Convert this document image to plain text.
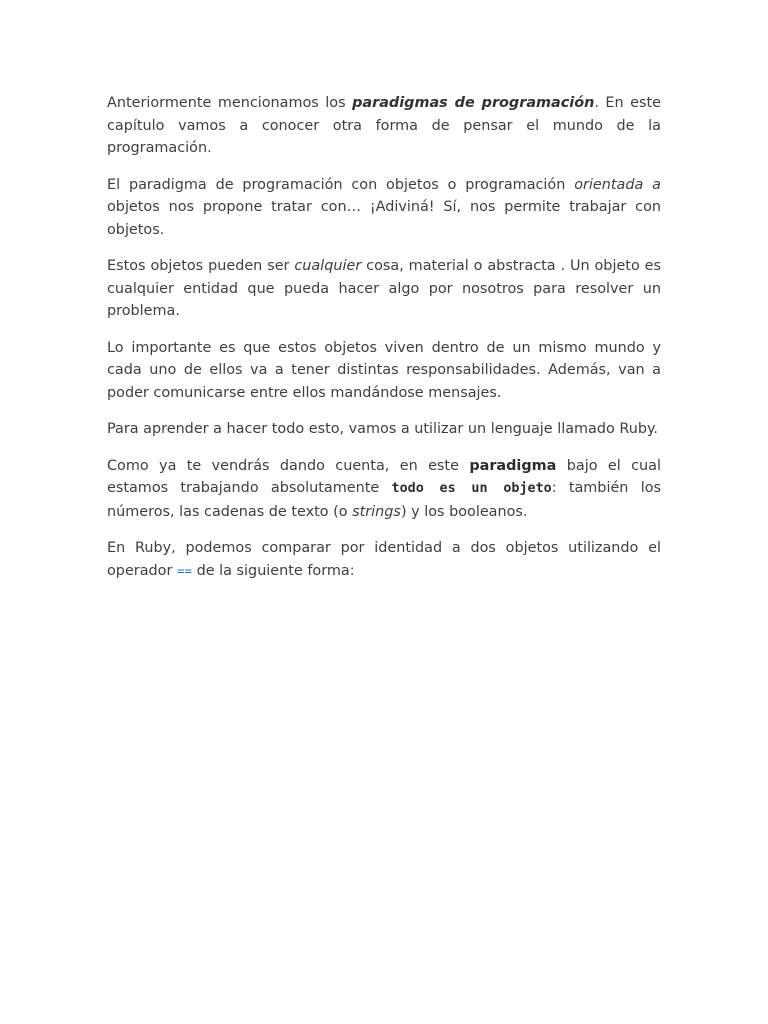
Anteriormente mencionamos los paradigmas de programación. En este capítulo vamos a conocer otra forma de pensar el mundo de la programación.

El paradigma de programación con objetos o programación orientada a objetos nos propone tratar con… ¡Adiviná! Sí, nos permite trabajar con objetos.

Estos objetos pueden ser cualquier cosa, material o abstracta . Un objeto es cualquier entidad que pueda hacer algo por nosotros para resolver un problema.

Lo importante es que estos objetos viven dentro de un mismo mundo y cada uno de ellos va a tener distintas responsabilidades. Además, van a poder comunicarse entre ellos mandándose mensajes.

Para aprender a hacer todo esto, vamos a utilizar un lenguaje llamado Ruby.

Como ya te vendrás dando cuenta, en este paradigma bajo el cual estamos trabajando absolutamente todo es un objeto: también los números, las cadenas de texto (o strings) y los booleanos.

En Ruby, podemos comparar por identidad a dos objetos utilizando el operador == de la siguiente forma:
